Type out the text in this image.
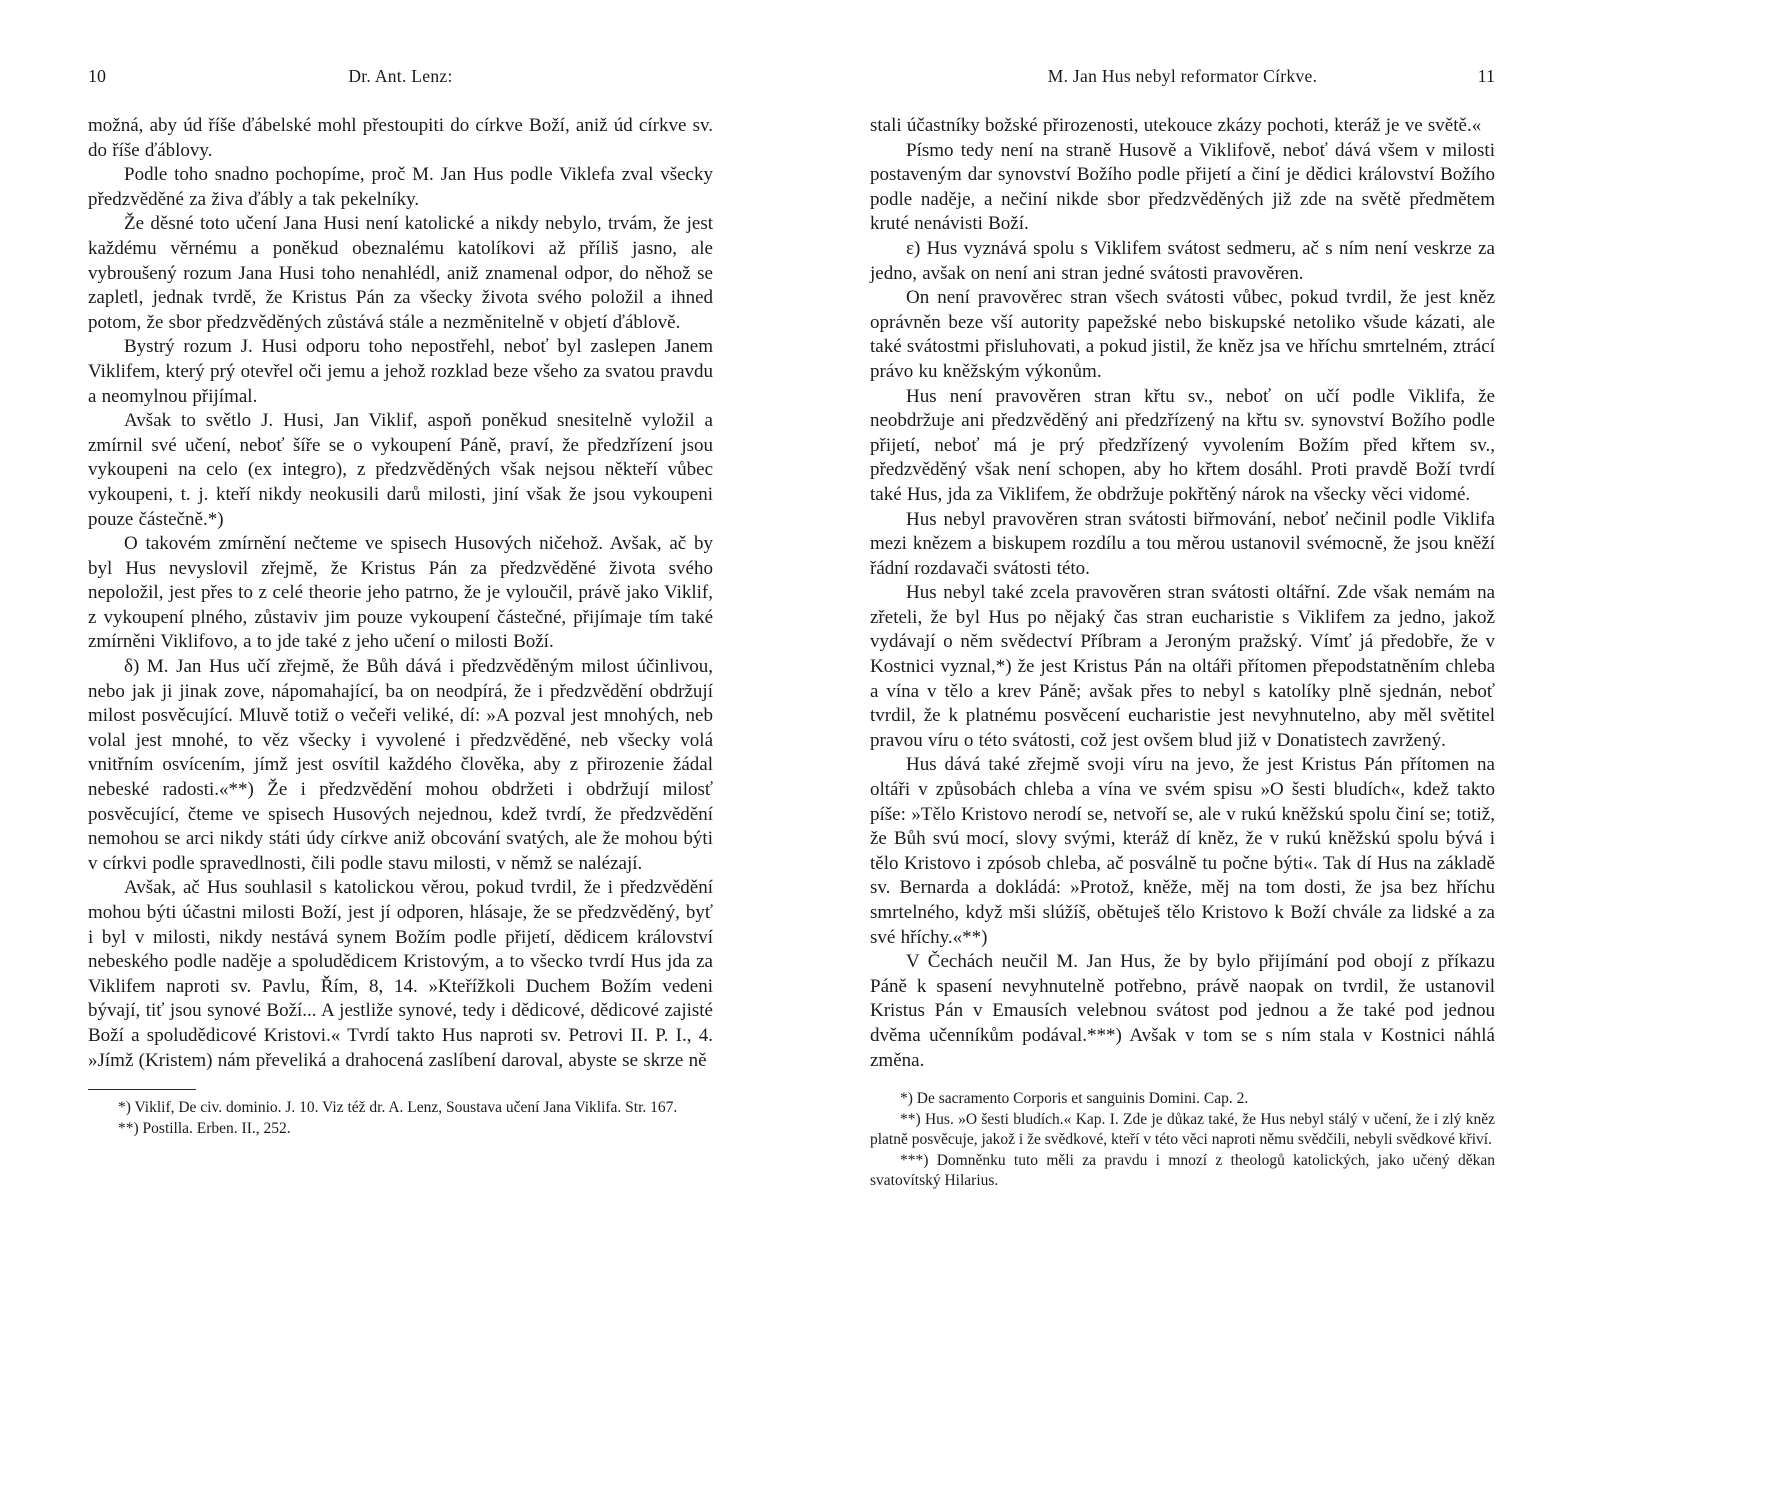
10	Dr. Ant. Lenz:

možná, aby úd říše ďábelské mohl přestoupiti do církve Boží, aniž úd církve sv. do říše ďáblovy.

Podle toho snadno pochopíme, proč M. Jan Hus podle Viklefa zval všecky předzvěděné za živa ďábly a tak pekelníky.

Že děsné toto učení Jana Husi není katolické a nikdy nebylo, trvám, že jest každému věrnému a poněkud obeznalému katolíkovi až příliš jasno, ale vybroušený rozum Jana Husi toho nenahlédl, aniž znamenal odpor, do něhož se zapletl, jednak tvrdě, že Kristus Pán za všecky života svého položil a ihned potom, že sbor předzvěděných zůstává stále a nezměnitelně v objetí ďáblově.

Bystrý rozum J. Husi odporu toho nepostřehl, neboť byl zaslepen Janem Viklifem, který prý otevřel oči jemu a jehož rozklad beze všeho za svatou pravdu a neomylnou přijímal.

Avšak to světlo J. Husi, Jan Viklif, aspoň poněkud snesitelně vyložil a zmírnil své učení, neboť šíře se o vykoupení Páně, praví, že předzřízení jsou vykoupeni na celo (ex integro), z předzvěděných však nejsou někteří vůbec vykoupeni, t. j. kteří nikdy neokusili darů milosti, jiní však že jsou vykoupeni pouze částečně.*)

O takovém zmírnění nečteme ve spisech Husových ničehož. Avšak, ač by byl Hus nevyslovil zřejmě, že Kristus Pán za předzvěděné života svého nepoložil, jest přes to z celé theorie jeho patrno, že je vyloučil, právě jako Viklif, z vykoupení plného, zůstaviv jim pouze vykoupení částečné, přijímaje tím také zmírněni Viklifovo, a to jde také z jeho učení o milosti Boží.

δ) M. Jan Hus učí zřejmě, že Bůh dává i předzvěděným milost účinlivou, nebo jak ji jinak zove, nápomahající, ba on neodpírá, že i předzvědění obdržují milost posvěcující. Mluvě totiž o večeři veliké, dí: »A pozval jest mnohých, neb volal jest mnohé, to věz všecky i vyvolené i předzvěděné, neb všecky volá vnitřním osvícením, jímž jest osvítil každého člověka, aby z přirozenie žádal nebeské radosti.«**) Že i předzvědění mohou obdržeti i obdržují milosť posvěcující, čteme ve spisech Husových nejednou, kdež tvrdí, že předzvědění nemohou se arci nikdy státi údy církve aniž obcování svatých, ale že mohou býti v církvi podle spravedlnosti, čili podle stavu milosti, v němž se nalézají.

Avšak, ač Hus souhlasil s katolickou věrou, pokud tvrdil, že i předzvědění mohou býti účastni milosti Boží, jest jí odporen, hlásaje, že se předzvěděný, byť i byl v milosti, nikdy nestává synem Božím podle přijetí, dědicem království nebeského podle naděje a spoludědicem Kristovým, a to všecko tvrdí Hus jda za Viklifem naproti sv. Pavlu, Řím, 8, 14. »Kteřížkoli Duchem Božím vedeni bývají, tiť jsou synové Boží... A jestliže synové, tedy i dědicové, dědicové zajisté Boží a spoludědicové Kristovi.« Tvrdí takto Hus naproti sv. Petrovi II. P. I., 4. »Jímž (Kristem) nám převeliká a drahocená zaslíbení daroval, abyste se skrze ně

*) Viklif, De civ. dominio. J. 10. Viz též dr. A. Lenz, Soustava učení Jana Viklifa. Str. 167.

**) Postilla. Erben. II., 252.

11
M. Jan Hus nebyl reformator Církve.

stali účastníky božské přirozenosti, utekouce zkázy pochoti, kteráž je ve světě.«

Písmo tedy není na straně Husově a Viklifově, neboť dává všem v milosti postaveným dar synovství Božího podle přijetí a činí je dědici království Božího podle naděje, a nečiní nikde sbor předzvěděných již zde na světě předmětem kruté nenávisti Boží.

ε) Hus vyznává spolu s Viklifem svátost sedmeru, ač s ním není veskrze za jedno, avšak on není ani stran jedné svátosti pravověren.

On není pravověrec stran všech svátosti vůbec, pokud tvrdil, že jest kněz oprávněn beze vší autority papežské nebo biskupské netoliko všude kázati, ale také svátostmi přisluhovati, a pokud jistil, že kněz jsa ve hříchu smrtelném, ztrácí právo ku kněžským výkonům.

Hus není pravověren stran křtu sv., neboť on učí podle Viklifa, že neobdržuje ani předzvěděný ani předzřízený na křtu sv. synovství Božího podle přijetí, neboť má je prý předzřízený vyvolením Božím před křtem sv., předzvěděný však není schopen, aby ho křtem dosáhl. Proti pravdě Boží tvrdí také Hus, jda za Viklifem, že obdržuje pokřtěný nárok na všecky věci vidomé.

Hus nebyl pravověren stran svátosti biřmování, neboť nečinil podle Viklifa mezi knězem a biskupem rozdílu a tou měrou ustanovil svémocně, že jsou kněží řádní rozdavači svátosti této.

Hus nebyl také zcela pravověren stran svátosti oltářní. Zde však nemám na zřeteli, že byl Hus po nějaký čas stran eucharistie s Viklifem za jedno, jakož vydávají o něm svědectví Příbram a Jeroným pražský. Vímť já předobře, že v Kostnici vyznal,*) že jest Kristus Pán na oltáři přítomen přepodstatněním chleba a vína v tělo a krev Páně; avšak přes to nebyl s katolíky plně sjednán, neboť tvrdil, že k platnému posvěcení eucharistie jest nevyhnutelno, aby měl světitel pravou víru o této svátosti, což jest ovšem blud již v Donatistech zavržený.

Hus dává také zřejmě svoji víru na jevo, že jest Kristus Pán přítomen na oltáři v způsobách chleba a vína ve svém spisu »O šesti bludích«, kdež takto píše: »Tělo Kristovo nerodí se, netvoří se, ale v rukú kněžskú spolu činí se; totiž, že Bůh svú mocí, slovy svými, kteráž dí kněz, že v rukú kněžskú spolu bývá i tělo Kristovo i zpósob chleba, ač posválně tu počne býti«. Tak dí Hus na základě sv. Bernarda a dokládá: »Protož, kněže, měj na tom dosti, že jsa bez hříchu smrtelného, když mši slúžíš, obětuješ tělo Kristovo k Boží chvále za lidské a za své hříchy.«**)

V Čechách neučil M. Jan Hus, že by bylo přijímání pod obojí z příkazu Páně k spasení nevyhnutelně potřebno, právě naopak on tvrdil, že ustanovil Kristus Pán v Emausích velebnou svátost pod jednou a že také pod jednou dvěma učenníkům podával.***) Avšak v tom se s ním stala v Kostnici náhlá změna.

*) De sacramento Corporis et sanguinis Domini. Cap. 2.

**) Hus. »O šesti bludích.« Kap. I. Zde je důkaz také, že Hus nebyl stálý v učení, že i zlý kněz platně posvěcuje, jakož i že svědkové, kteří v této věci naproti němu svědčili, nebyli svědkové křiví.

***) Domněnku tuto měli za pravdu i mnozí z theologů katolických, jako učený děkan svatovítský Hilarius.
